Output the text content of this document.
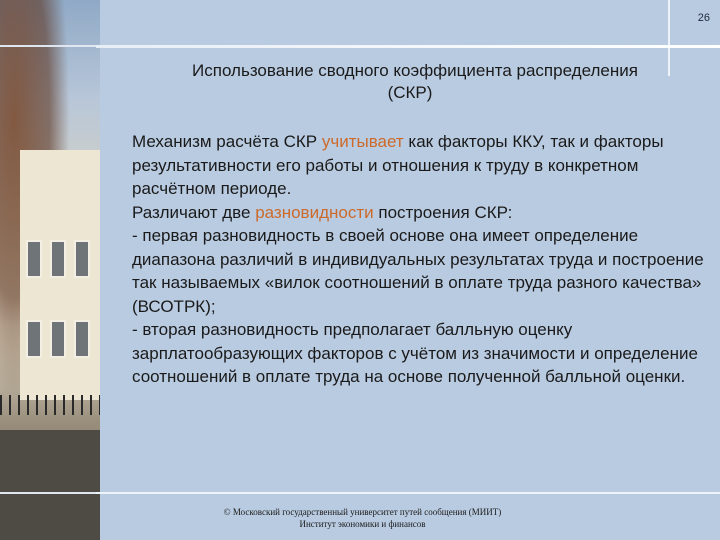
26
Использование сводного коэффициента распределения
(СКР)

Механизм расчёта СКР учитывает как факторы ККУ, так и факторы результативности его работы и отношения к труду в конкретном расчётном периоде.

Различают две разновидности построения СКР:

- первая разновидность в своей основе она имеет определение диапазона различий в индивидуальных результатах труда и построение так называемых «вилок соотношений в оплате труда разного качества» (ВСОТРК);

- вторая разновидность предполагает балльную оценку зарплатообразующих факторов с учётом из значимости и определение соотношений в оплате труда на основе полученной балльной оценки.

© Московский государственный университет путей сообщения (МИИТ)
Институт экономики и финансов
